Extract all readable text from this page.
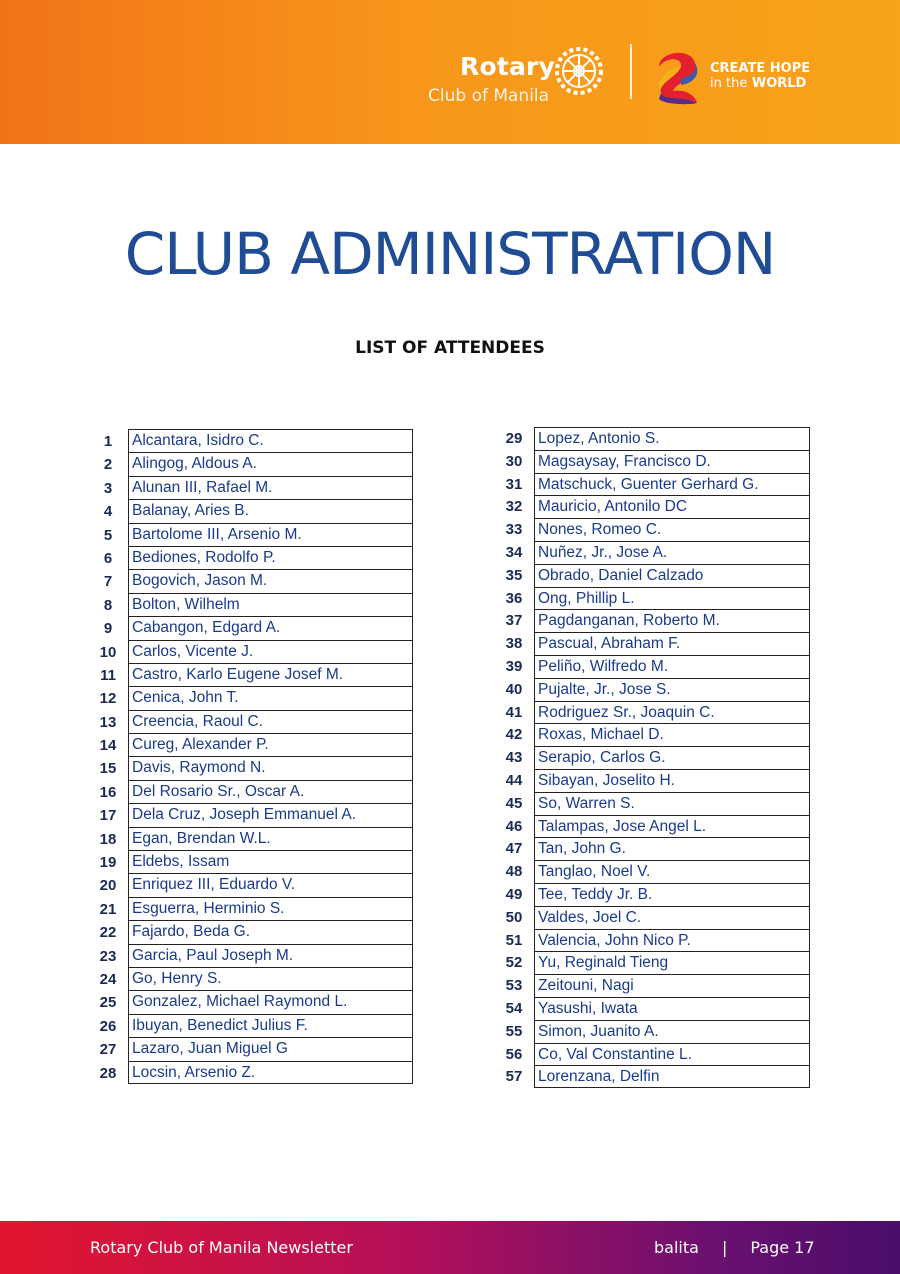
Rotary
Club of Manila
CREATE HOPE
in the WORLD
CLUB ADMINISTRATION
LIST OF ATTENDEES
1	Alcantara, Isidro C.
2	Alingog, Aldous A.
3	Alunan III, Rafael M.
4	Balanay, Aries B.
5	Bartolome III, Arsenio M.
6	Bediones, Rodolfo P.
7	Bogovich, Jason M.
8	Bolton, Wilhelm
9	Cabangon, Edgard A.
10	Carlos, Vicente J.
11	Castro, Karlo Eugene Josef M.
12	Cenica, John T.
13	Creencia, Raoul C.
14	Cureg, Alexander P.
15	Davis, Raymond N.
16	Del Rosario Sr., Oscar A.
17	Dela Cruz, Joseph Emmanuel A.
18	Egan, Brendan W.L.
19	Eldebs, Issam
20	Enriquez III, Eduardo V.
21	Esguerra, Herminio S.
22	Fajardo, Beda G.
23	Garcia, Paul Joseph M.
24	Go, Henry S.
25	Gonzalez, Michael Raymond L.
26	Ibuyan, Benedict Julius F.
27	Lazaro, Juan Miguel G
28	Locsin, Arsenio Z.
29	Lopez, Antonio S.
30	Magsaysay, Francisco D.
31	Matschuck, Guenter Gerhard G.
32	Mauricio, Antonilo DC
33	Nones, Romeo C.
34	Nuñez, Jr., Jose A.
35	Obrado, Daniel Calzado
36	Ong, Phillip L.
37	Pagdanganan, Roberto M.
38	Pascual, Abraham F.
39	Peliño, Wilfredo M.
40	Pujalte, Jr., Jose S.
41	Rodriguez Sr., Joaquin C.
42	Roxas, Michael D.
43	Serapio, Carlos G.
44	Sibayan, Joselito H.
45	So, Warren S.
46	Talampas, Jose Angel L.
47	Tan, John G.
48	Tanglao, Noel V.
49	Tee, Teddy Jr. B.
50	Valdes, Joel C.
51	Valencia, John Nico P.
52	Yu, Reginald Tieng
53	Zeitouni, Nagi
54	Yasushi, Iwata
55	Simon, Juanito A.
56	Co, Val Constantine L.
57	Lorenzana, Delfin
Rotary Club of Manila Newsletter	balita | Page 17
